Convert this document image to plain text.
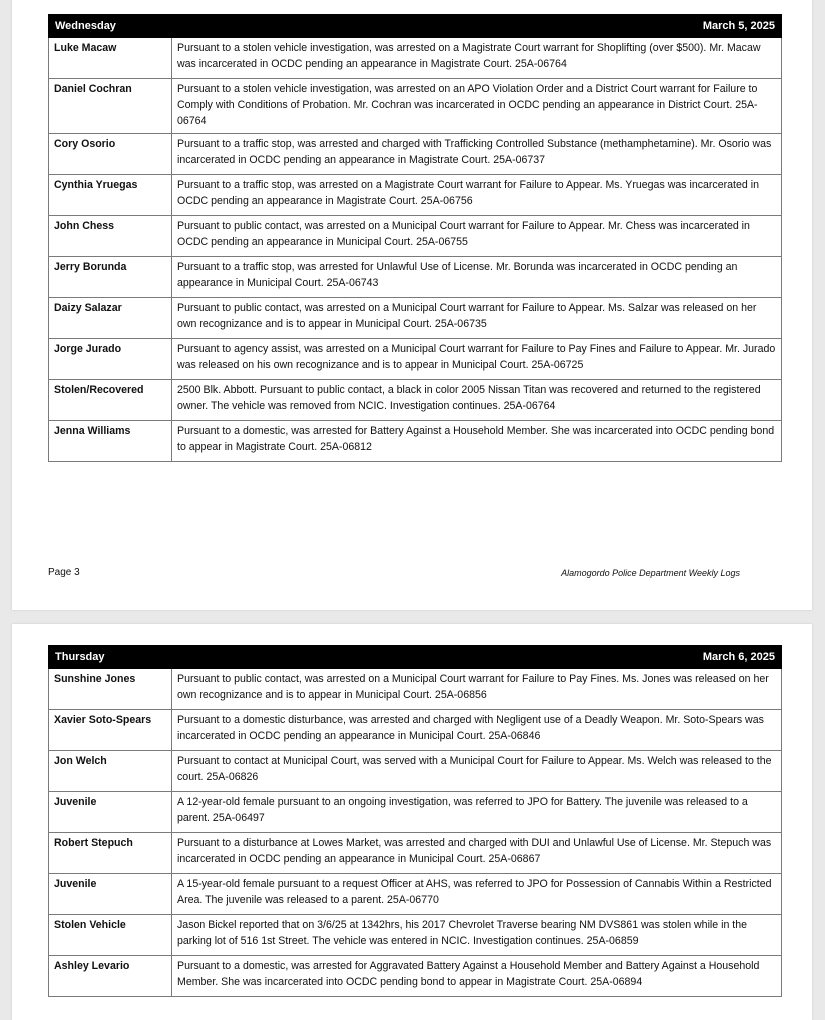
Wednesday	March 5, 2025
Luke Macaw	Pursuant to a stolen vehicle investigation, was arrested on a Magistrate Court warrant for Shoplifting (over $500). Mr. Macaw was incarcerated in OCDC pending an appearance in Magistrate Court. 25A-06764
Daniel Cochran	Pursuant to a stolen vehicle investigation, was arrested on an APO Violation Order and a District Court warrant for Failure to Comply with Conditions of Probation. Mr. Cochran was incarcerated in OCDC pending an appearance in District Court. 25A-06764
Cory Osorio	Pursuant to a traffic stop, was arrested and charged with Trafficking Controlled Substance (methamphetamine). Mr. Osorio was incarcerated in OCDC pending an appearance in Magistrate Court. 25A-06737
Cynthia Yruegas	Pursuant to a traffic stop, was arrested on a Magistrate Court warrant for Failure to Appear. Ms. Yruegas was incarcerated in OCDC pending an appearance in Magistrate Court. 25A-06756
John Chess	Pursuant to public contact, was arrested on a Municipal Court warrant for Failure to Appear. Mr. Chess was incarcerated in OCDC pending an appearance in Municipal Court. 25A-06755
Jerry Borunda	Pursuant to a traffic stop, was arrested for Unlawful Use of License. Mr. Borunda was incarcerated in OCDC pending an appearance in Municipal Court. 25A-06743
Daizy Salazar	Pursuant to public contact, was arrested on a Municipal Court warrant for Failure to Appear. Ms. Salzar was released on her own recognizance and is to appear in Municipal Court. 25A-06735
Jorge Jurado	Pursuant to agency assist, was arrested on a Municipal Court warrant for Failure to Pay Fines and Failure to Appear. Mr. Jurado was released on his own recognizance and is to appear in Municipal Court. 25A-06725
Stolen/Recovered	2500 Blk. Abbott. Pursuant to public contact, a black in color 2005 Nissan Titan was recovered and returned to the registered owner. The vehicle was removed from NCIC. Investigation continues. 25A-06764
Jenna Williams	Pursuant to a domestic, was arrested for Battery Against a Household Member. She was incarcerated into OCDC pending bond to appear in Magistrate Court. 25A-06812
Page 3	Alamogordo Police Department Weekly Logs
Thursday	March 6, 2025
Sunshine Jones	Pursuant to public contact, was arrested on a Municipal Court warrant for Failure to Pay Fines. Ms. Jones was released on her own recognizance and is to appear in Municipal Court. 25A-06856
Xavier Soto-Spears	Pursuant to a domestic disturbance, was arrested and charged with Negligent use of a Deadly Weapon. Mr. Soto-Spears was incarcerated in OCDC pending an appearance in Municipal Court. 25A-06846
Jon Welch	Pursuant to contact at Municipal Court, was served with a Municipal Court for Failure to Appear. Ms. Welch was released to the court. 25A-06826
Juvenile	A 12-year-old female pursuant to an ongoing investigation, was referred to JPO for Battery. The juvenile was released to a parent. 25A-06497
Robert Stepuch	Pursuant to a disturbance at Lowes Market, was arrested and charged with DUI and Unlawful Use of License. Mr. Stepuch was incarcerated in OCDC pending an appearance in Municipal Court. 25A-06867
Juvenile	A 15-year-old female pursuant to a request Officer at AHS, was referred to JPO for Possession of Cannabis Within a Restricted Area. The juvenile was released to a parent. 25A-06770
Stolen Vehicle	Jason Bickel reported that on 3/6/25 at 1342hrs, his 2017 Chevrolet Traverse bearing NM DVS861 was stolen while in the parking lot of 516 1st Street. The vehicle was entered in NCIC. Investigation continues. 25A-06859
Ashley Levario	Pursuant to a domestic, was arrested for Aggravated Battery Against a Household Member and Battery Against a Household Member. She was incarcerated into OCDC pending bond to appear in Magistrate Court. 25A-06894
